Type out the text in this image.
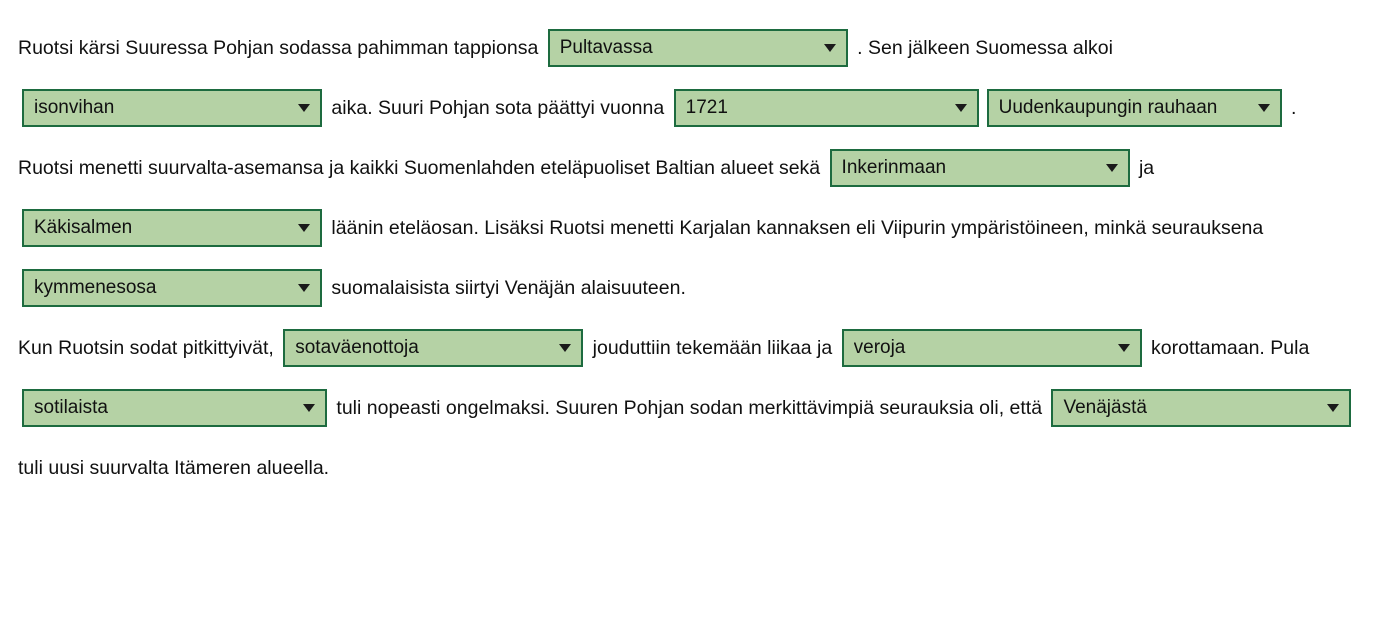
Ruotsi kärsi Suuressa Pohjan sodassa pahimman tappionsa Pultavassa	. Sen jälkeen Suomessa alkoi
isonvihan	aika. Suuri Pohjan sota päättyi vuonna 1721	Uudenkaupungin rauhaan	. Ruotsi menetti suurvalta-asemansa ja kaikki Suomenlahden eteläpuoliset Baltian alueet sekä Inkerinmaan	ja
Käkisalmen	läänin eteläosan. Lisäksi Ruotsi menetti Karjalan kannaksen eli Viipurin ympäristöineen, minkä seurauksena
kymmenesosa	suomalaisista siirtyi Venäjän alaisuuteen.
Kun Ruotsin sodat pitkittyivät, sotaväenottoja	jouduttiin tekemään liikaa ja veroja	korottamaan. Pula
sotilaista	tuli nopeasti ongelmaksi. Suuren Pohjan sodan merkittävimpiä seurauksia oli, että Venäjästä	tuli uusi suurvalta Itämeren alueella.
